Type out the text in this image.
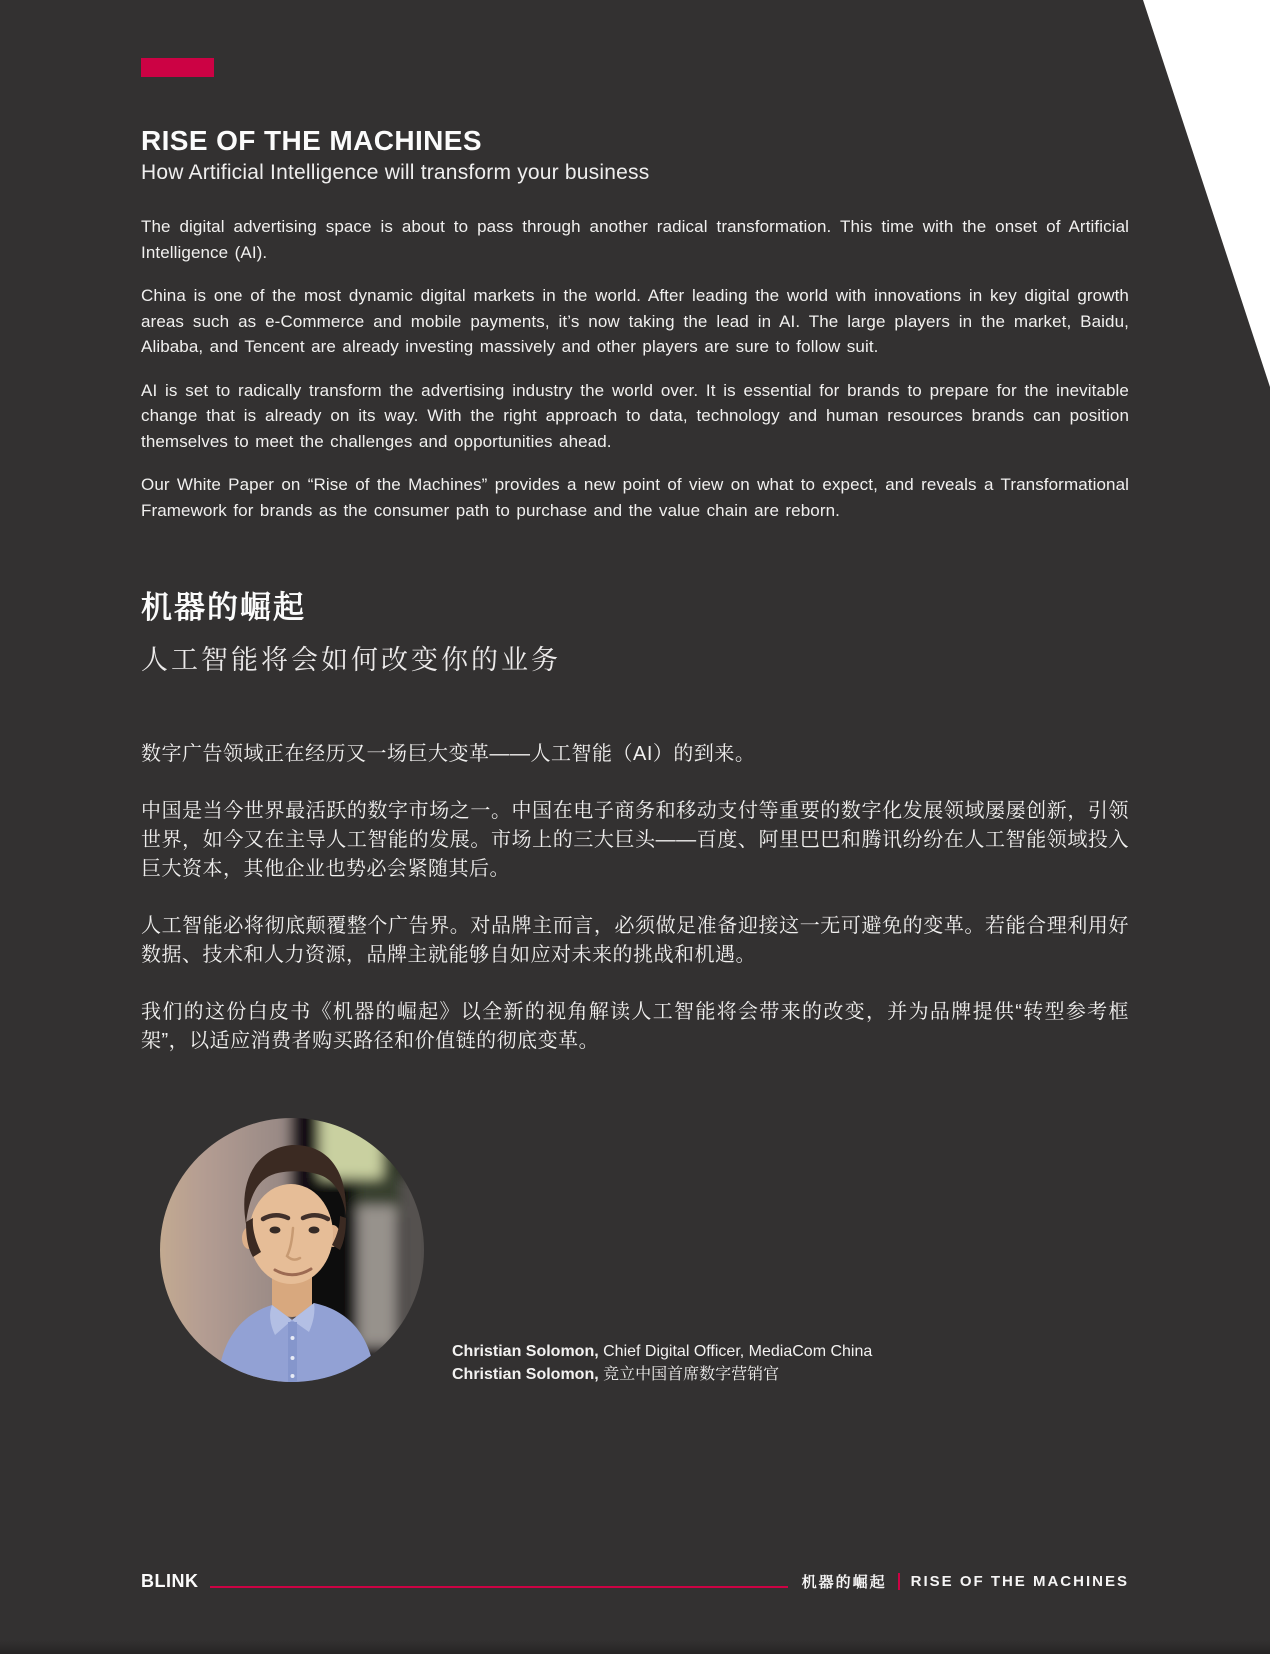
RISE OF THE MACHINES

How Artificial Intelligence will transform your business

The digital advertising space is about to pass through another radical transformation. This time with the onset of Artificial Intelligence (AI).

China is one of the most dynamic digital markets in the world. After leading the world with innovations in key digital growth areas such as e-Commerce and mobile payments, it’s now taking the lead in AI. The large players in the market, Baidu, Alibaba, and Tencent are already investing massively and other players are sure to follow suit.

AI is set to radically transform the advertising industry the world over. It is essential for brands to prepare for the inevitable change that is already on its way. With the right approach to data, technology and human resources brands can position themselves to meet the challenges and opportunities ahead.

Our White Paper on “Rise of the Machines” provides a new point of view on what to expect, and reveals a Transformational Framework for brands as the consumer path to purchase and the value chain are reborn.

机器的崛起

人工智能将会如何改变你的业务

数字广告领域正在经历又一场巨大变革——人工智能（AI）的到来。

中国是当今世界最活跃的数字市场之一。中国在电子商务和移动支付等重要的数字化发展领域屡屡创新，引领世界，如今又在主导人工智能的发展。市场上的三大巨头——百度、阿里巴巴和腾讯纷纷在人工智能领域投入巨大资本，其他企业也势必会紧随其后。

人工智能必将彻底颠覆整个广告界。对品牌主而言，必须做足准备迎接这一无可避免的变革。若能合理利用好数据、技术和人力资源，品牌主就能够自如应对未来的挑战和机遇。

我们的这份白皮书《机器的崛起》以全新的视角解读人工智能将会带来的改变，并为品牌提供“转型参考框架”，以适应消费者购买路径和价值链的彻底变革。

Christian Solomon, Chief Digital Officer, MediaCom China

Christian Solomon, 竞立中国首席数字营销官

BLINK	机器的崛起 RISE OF THE MACHINES
